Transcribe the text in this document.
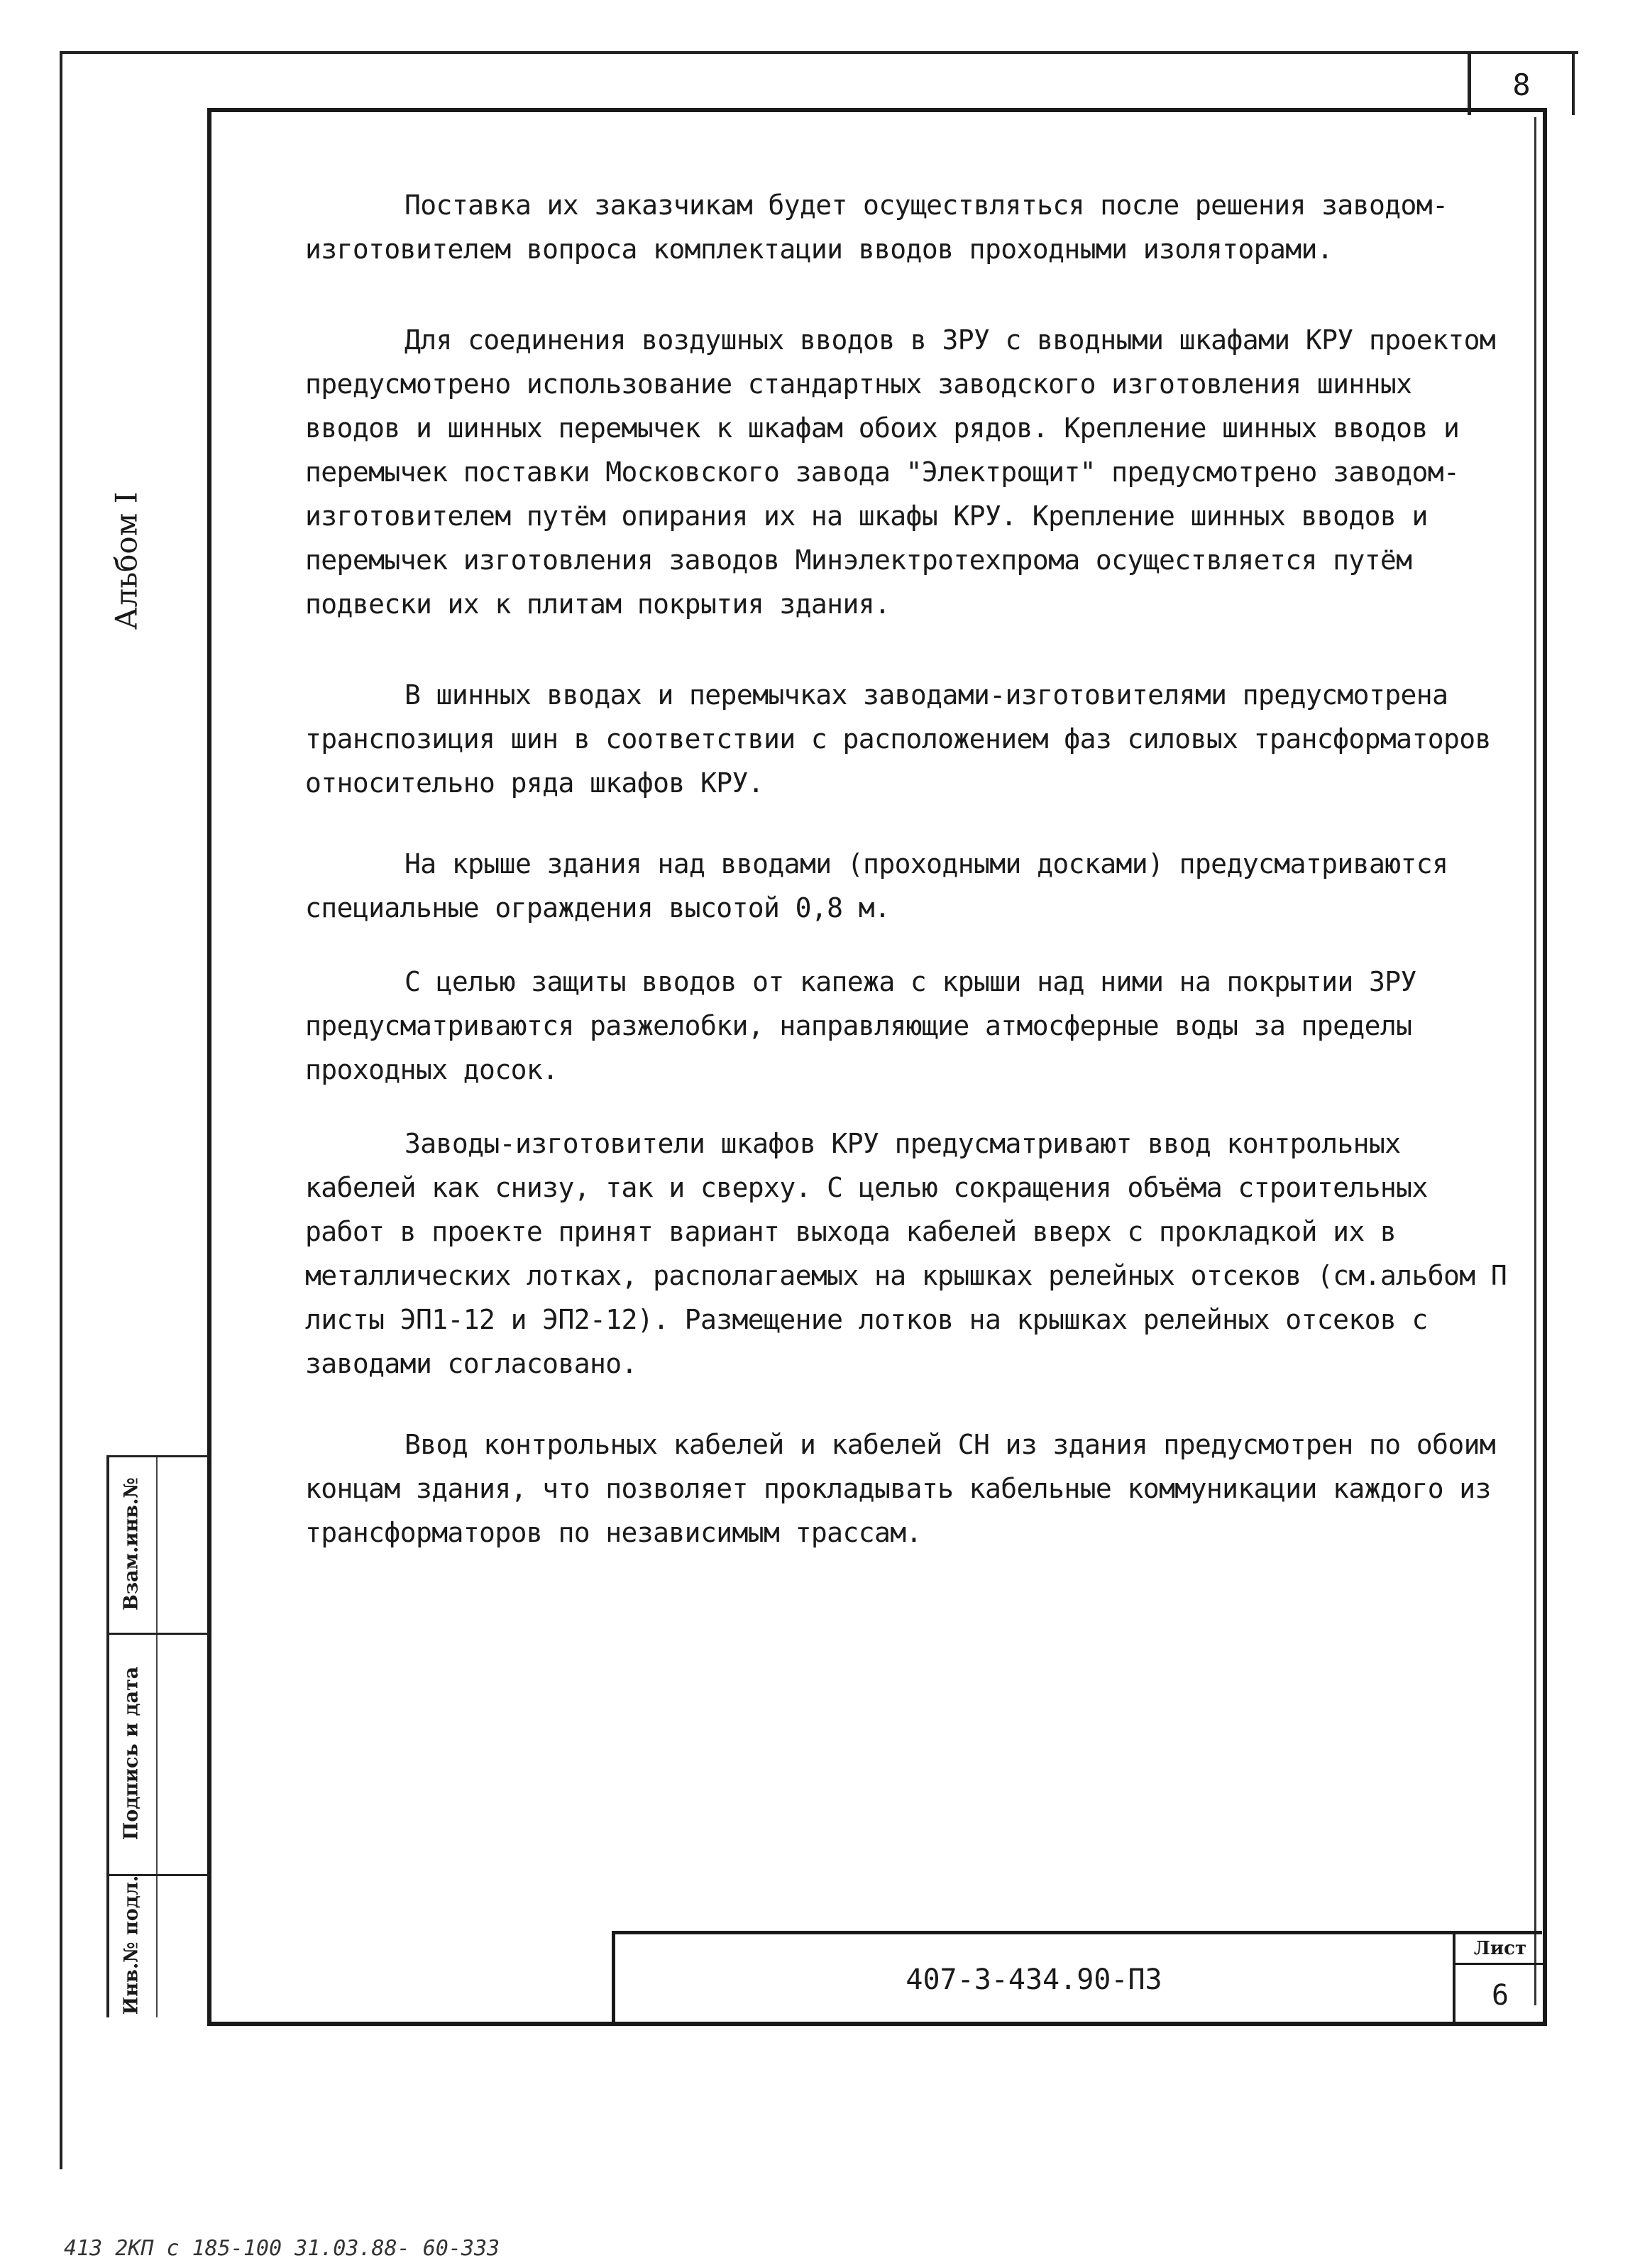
8
Альбом I
Взам.инв.№
Подпись и дата
Инв.№ подл.

Поставка их заказчикам будет осуществляться после решения заводом-изготовителем вопроса комплектации вводов проходными изоляторами.

Для соединения воздушных вводов в ЗРУ с вводными шкафами КРУ проектом предусмотрено использование стандартных заводского изготовления шинных вводов и шинных перемычек к шкафам обоих рядов. Крепление шинных вводов и перемычек поставки Московского завода "Электрощит" предусмотрено заводом-изготовителем путём опирания их на шкафы КРУ. Крепление шинных вводов и перемычек изготовления заводов Минэлектротехпрома осуществляется путём подвески их к плитам покрытия здания.

В шинных вводах и перемычках заводами-изготовителями предусмотрена транспозиция шин в соответствии с расположением фаз силовых трансформаторов относительно ряда шкафов КРУ.

На крыше здания над вводами (проходными досками) предусматриваются специальные ограждения высотой 0,8 м.

С целью защиты вводов от капежа с крыши над ними на покрытии ЗРУ предусматриваются разжелобки, направляющие атмосферные воды за пределы проходных досок.

Заводы-изготовители шкафов КРУ предусматривают ввод контрольных кабелей как снизу, так и сверху. С целью сокращения объёма строительных работ в проекте принят вариант выхода кабелей вверх с прокладкой их в металлических лотках, располагаемых на крышках релейных отсеков (см.альбом П листы ЭП1-12 и ЭП2-12). Размещение лотков на крышках релейных отсеков с заводами согласовано.

Ввод контрольных кабелей и кабелей СН из здания предусмотрен по обоим концам здания, что позволяет прокладывать кабельные коммуникации каждого из трансформаторов по независимым трассам.

407-3-434.90-ПЗ
Лист
6
413 2КП с 185-100 31.03.88- 60-333
